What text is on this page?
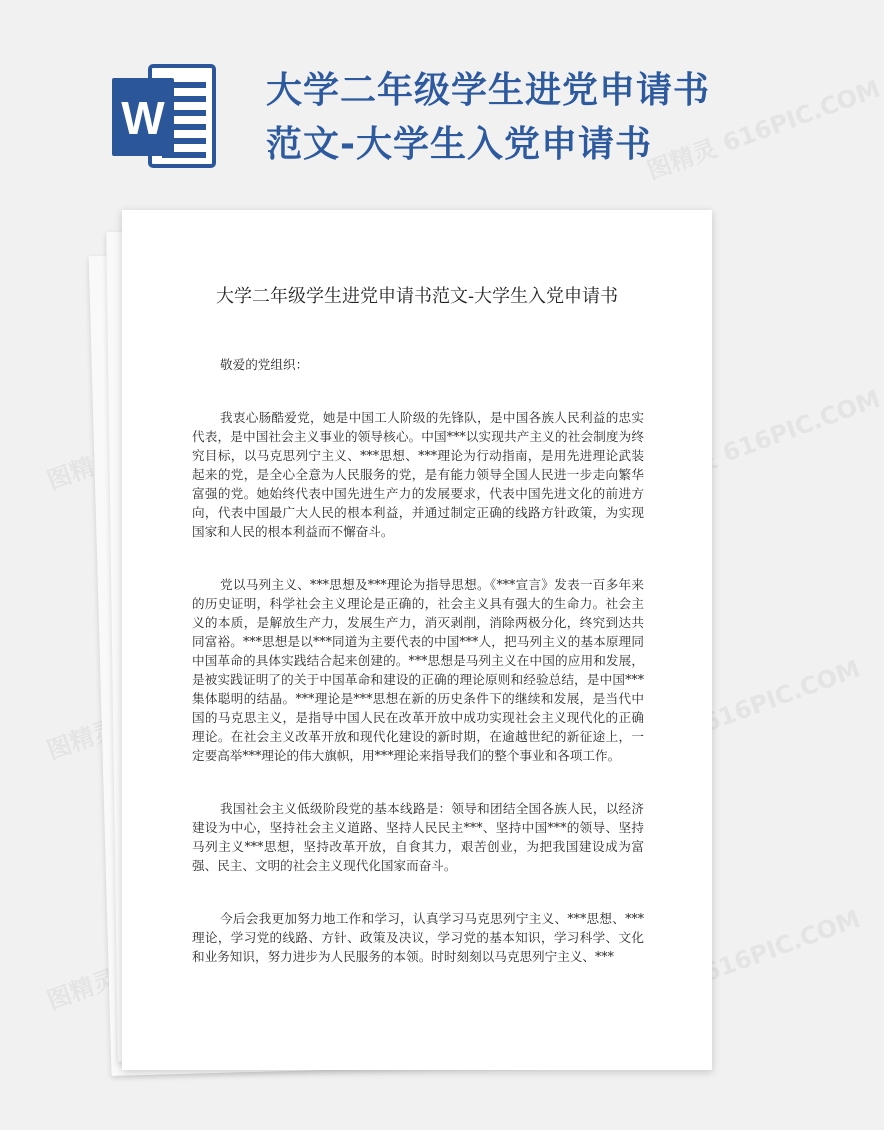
W
大学二年级学生进党申请书范文-大学生入党申请书
图精灵 616PIC.COM
图精灵	图精灵 616PIC.COM
图精灵	图精灵 616PIC.COM
图精灵	图精灵 616PIC.COM
大学二年级学生进党申请书范文-大学生入党申请书

敬爱的党组织：

我衷心肠酷爱党，她是中国工人阶级的先锋队，是中国各族人民利益的忠实代表，是中国社会主义事业的领导核心。中国***以实现共产主义的社会制度为终究目标，以马克思列宁主义、***思想、***理论为行动指南，是用先进理论武装起来的党，是全心全意为人民服务的党，是有能力领导全国人民进一步走向繁华富强的党。她始终代表中国先进生产力的发展要求，代表中国先进文化的前进方向，代表中国最广大人民的根本利益，并通过制定正确的线路方针政策，为实现国家和人民的根本利益而不懈奋斗。

党以马列主义、***思想及***理论为指导思想。《***宣言》发表一百多年来的历史证明，科学社会主义理论是正确的，社会主义具有强大的生命力。社会主义的本质，是解放生产力，发展生产力，消灭剥削，消除两极分化，终究到达共同富裕。***思想是以***同道为主要代表的中国***人，把马列主义的基本原理同中国革命的具体实践结合起来创建的。***思想是马列主义在中国的应用和发展，是被实践证明了的关于中国革命和建设的正确的理论原则和经验总结，是中国***集体聪明的结晶。***理论是***思想在新的历史条件下的继续和发展，是当代中国的马克思主义，是指导中国人民在改革开放中成功实现社会主义现代化的正确理论。在社会主义改革开放和现代化建设的新时期，在逾越世纪的新征途上，一定要高举***理论的伟大旗帜，用***理论来指导我们的整个事业和各项工作。

我国社会主义低级阶段党的基本线路是：领导和团结全国各族人民，以经济建设为中心，坚持社会主义道路、坚持人民民主***、坚持中国***的领导、坚持马列主义***思想，坚持改革开放，自食其力，艰苦创业，为把我国建设成为富强、民主、文明的社会主义现代化国家而奋斗。

今后会我更加努力地工作和学习，认真学习马克思列宁主义、***思想、***理论，学习党的线路、方针、政策及决议，学习党的基本知识，学习科学、文化和业务知识，努力进步为人民服务的本领。时时刻刻以马克思列宁主义、***
